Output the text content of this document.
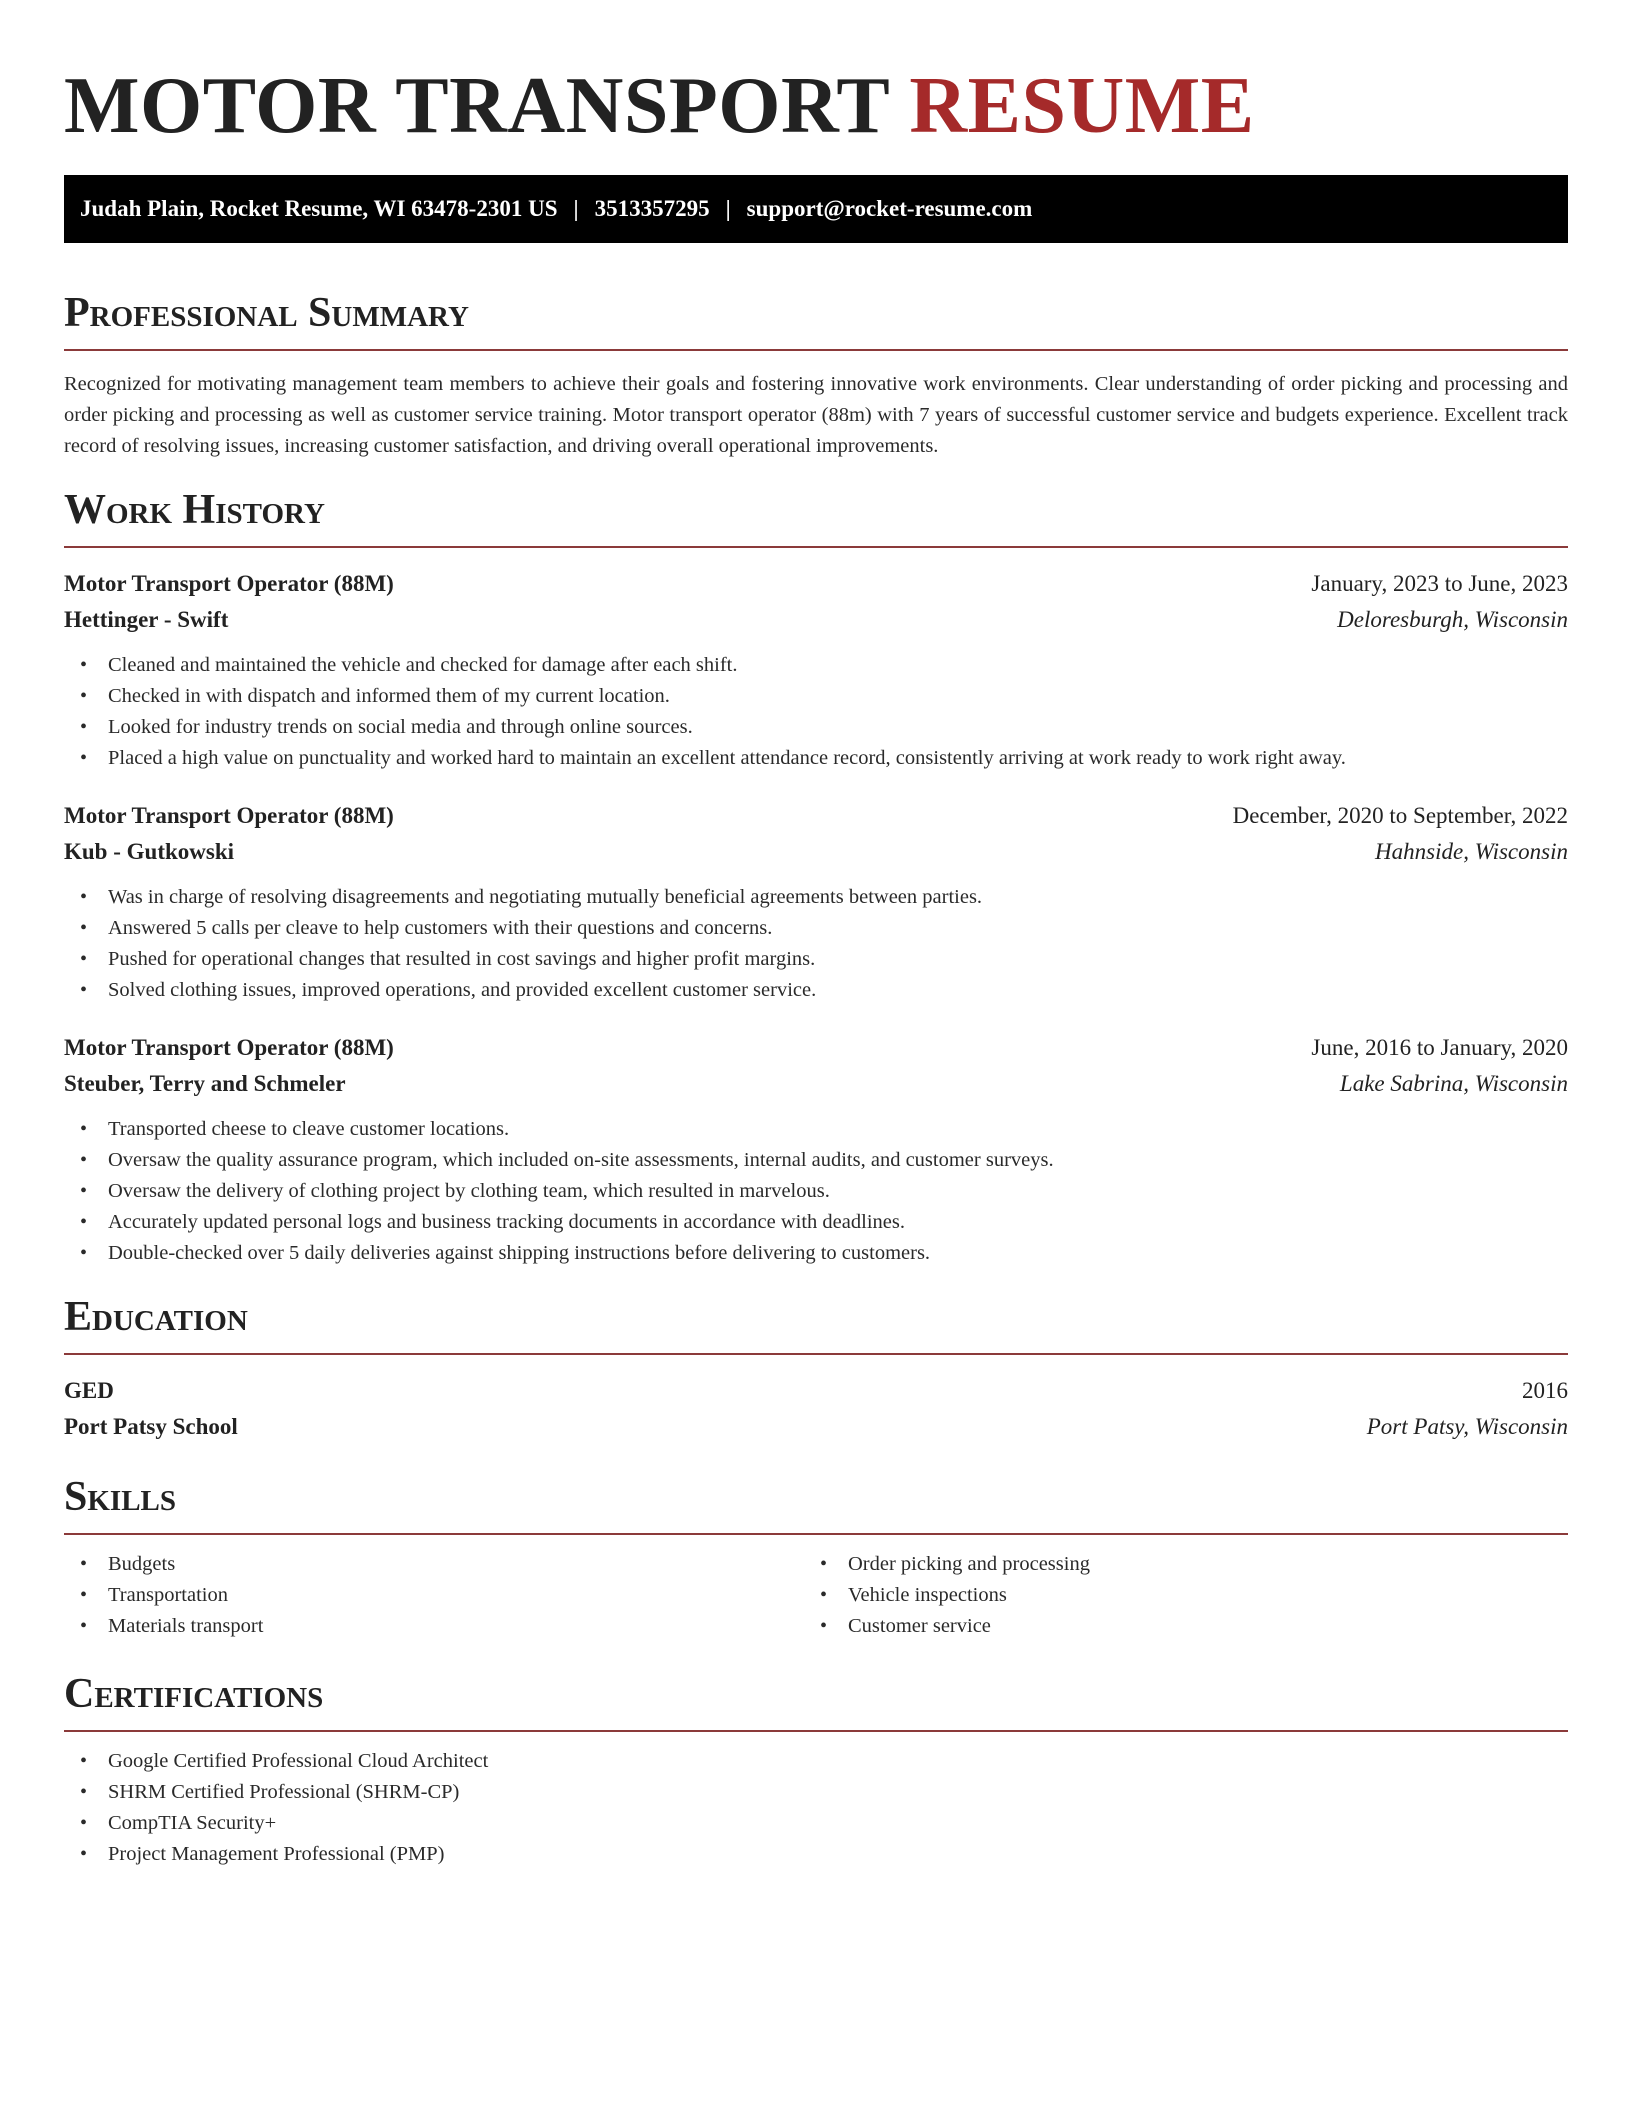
MOTOR TRANSPORT RESUME
Judah Plain, Rocket Resume, WI 63478-2301 US | 3513357295 | support@rocket-resume.com
Professional Summary

Recognized for motivating management team members to achieve their goals and fostering innovative work environments. Clear understanding of order picking and processing and order picking and processing as well as customer service training. Motor transport operator (88m) with 7 years of successful customer service and budgets experience. Excellent track record of resolving issues, increasing customer satisfaction, and driving overall operational improvements.

Work History
Motor Transport Operator (88M)	January, 2023 to June, 2023
Hettinger - Swift	Deloresburgh, Wisconsin
• Cleaned and maintained the vehicle and checked for damage after each shift.
• Checked in with dispatch and informed them of my current location.
• Looked for industry trends on social media and through online sources.
• Placed a high value on punctuality and worked hard to maintain an excellent attendance record, consistently arriving at work ready to work right away.
Motor Transport Operator (88M)	December, 2020 to September, 2022
Kub - Gutkowski	Hahnside, Wisconsin
• Was in charge of resolving disagreements and negotiating mutually beneficial agreements between parties.
• Answered 5 calls per cleave to help customers with their questions and concerns.
• Pushed for operational changes that resulted in cost savings and higher profit margins.
• Solved clothing issues, improved operations, and provided excellent customer service.
Motor Transport Operator (88M)	June, 2016 to January, 2020
Steuber, Terry and Schmeler	Lake Sabrina, Wisconsin
• Transported cheese to cleave customer locations.
• Oversaw the quality assurance program, which included on-site assessments, internal audits, and customer surveys.
• Oversaw the delivery of clothing project by clothing team, which resulted in marvelous.
• Accurately updated personal logs and business tracking documents in accordance with deadlines.
• Double-checked over 5 daily deliveries against shipping instructions before delivering to customers.
Education
GED	2016
Port Patsy School	Port Patsy, Wisconsin
Skills
• Budgets
• Transportation
• Materials transport
• Order picking and processing
• Vehicle inspections
• Customer service
Certifications
• Google Certified Professional Cloud Architect
• SHRM Certified Professional (SHRM-CP)
• CompTIA Security+
• Project Management Professional (PMP)
